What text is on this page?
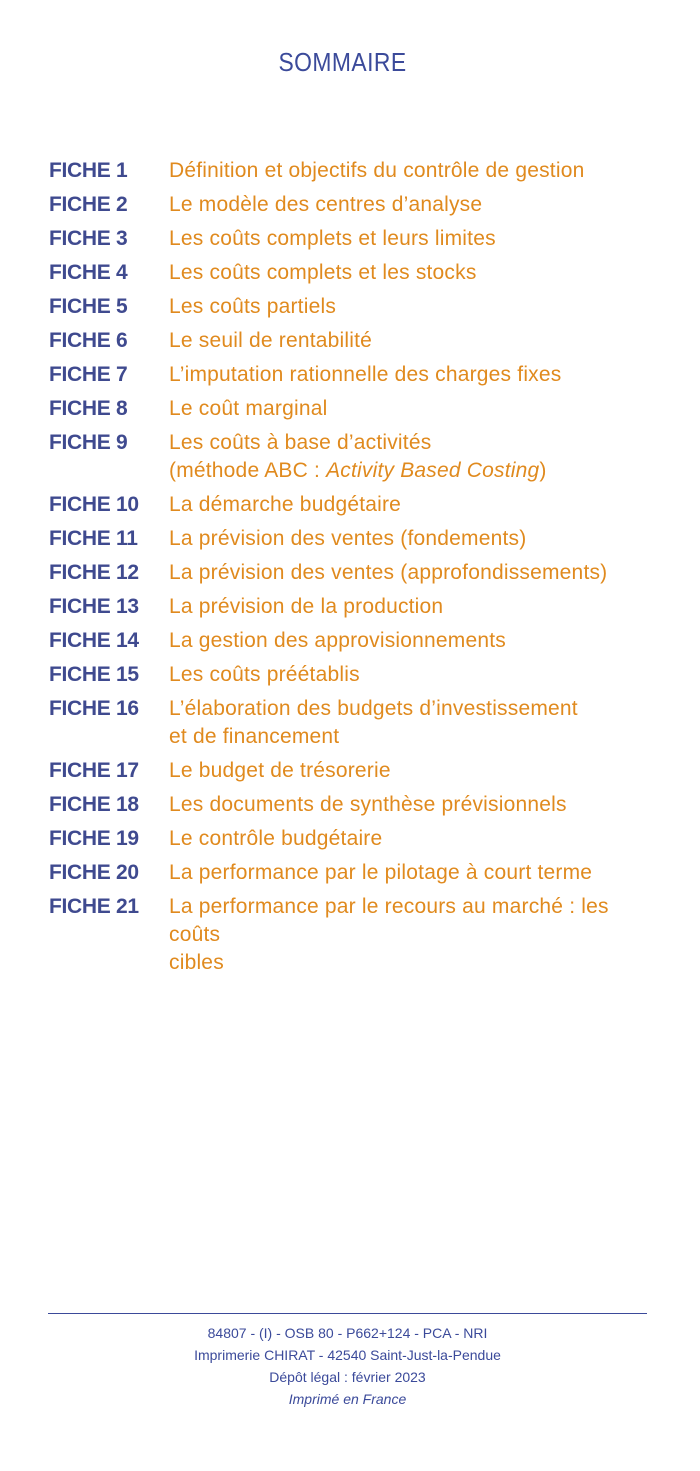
SOMMAIRE
FICHE 1	Définition et objectifs du contrôle de gestion
FICHE 2	Le modèle des centres d’analyse
FICHE 3	Les coûts complets et leurs limites
FICHE 4	Les coûts complets et les stocks
FICHE 5	Les coûts partiels
FICHE 6	Le seuil de rentabilité
FICHE 7	L’imputation rationnelle des charges fixes
FICHE 8	Le coût marginal
FICHE 9	Les coûts à base d’activités
(méthode ABC : Activity Based Costing)
FICHE 10	La démarche budgétaire
FICHE 11	La prévision des ventes (fondements)
FICHE 12	La prévision des ventes (approfondissements)
FICHE 13	La prévision de la production
FICHE 14	La gestion des approvisionnements
FICHE 15	Les coûts préétablis
FICHE 16	L’élaboration des budgets d’investissement
et de financement
FICHE 17	Le budget de trésorerie
FICHE 18	Les documents de synthèse prévisionnels
FICHE 19	Le contrôle budgétaire
FICHE 20	La performance par le pilotage à court terme
FICHE 21	La performance par le recours au marché : les coûts
cibles
84807 - (I) - OSB 80 - P662+124 - PCA - NRI
Imprimerie CHIRAT - 42540 Saint-Just-la-Pendue
Dépôt légal : février 2023
Imprimé en France
